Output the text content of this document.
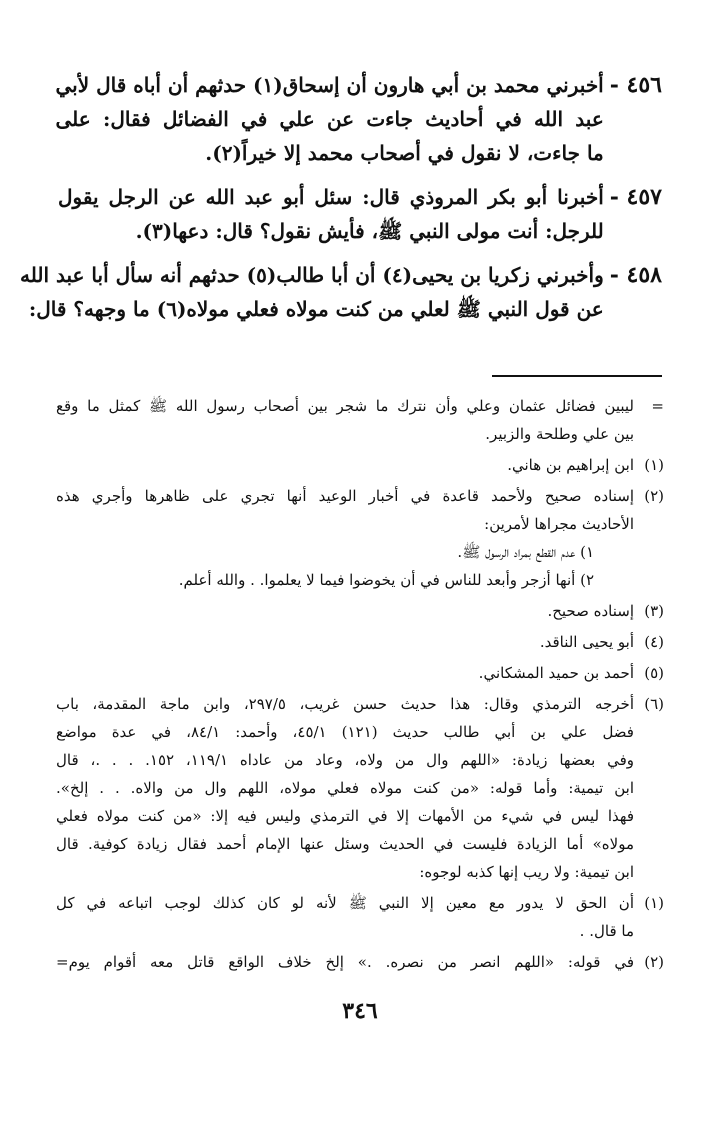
٤٥٦ -
أخبرني محمد بن أبي هارون أن إسحاق(١) حدثهم أن أباه قال لأبي
عبد الله في أحاديث جاءت عن علي في الفضائل فقال: على
ما جاءت، لا نقول في أصحاب محمد إلا خيراً(٢).
٤٥٧ -
أخبرنا أبو بكر المروذي قال: سئل أبو عبد الله عن الرجل يقول
للرجل: أنت مولى النبي ﷺ، فأيش نقول؟ قال: دعها(٣).
٤٥٨ -
وأخبرني زكريا بن يحيى(٤) أن أبا طالب(٥) حدثهم أنه سأل أبا عبد الله
عن قول النبي ﷺ لعلي من كنت مولاه فعلي مولاه(٦) ما وجهه؟ قال:
=
ليبين فضائل عثمان وعلي وأن نترك ما شجر بين أصحاب رسول الله ﷺ كمثل ما وقع
بين علي وطلحة والزبير.
(١)
ابن إبراهيم بن هاني.
(٢)
إسناده صحيح ولأحمد قاعدة في أخبار الوعيد أنها تجري على ظاهرها وأجري هذه
الأحاديث مجراها لأمرين:
١) عدم القطع بمراد الرسول ﷺ.
٢) أنها أزجر وأبعد للناس في أن يخوضوا فيما لا يعلموا. . والله أعلم.
(٣)
إسناده صحيح.
(٤)
أبو يحيى الناقد.
(٥)
أحمد بن حميد المشكاني.
(٦)
أخرجه الترمذي وقال: هذا حديث حسن غريب، ٢٩٧/٥، وابن ماجة المقدمة، باب
فضل علي بن أبي طالب حديث (١٢١) ٤٥/١، وأحمد: ٨٤/١، في عدة مواضع
وفي بعضها زيادة: «اللهم وال من ولاه، وعاد من عاداه ١١٩/١، ١٥٢. . . .، قال
ابن تيمية: وأما قوله: «من كنت مولاه فعلي مولاه، اللهم وال من والاه. . . إلخ».
فهذا ليس في شيء من الأمهات إلا في الترمذي وليس فيه إلا: «من كنت مولاه فعلي
مولاه» أما الزيادة فليست في الحديث وسئل عنها الإمام أحمد فقال زيادة كوفية. قال
ابن تيمية: ولا ريب إنها كذبه لوجوه:
(١)
أن الحق لا يدور مع معين إلا النبي ﷺ لأنه لو كان كذلك لوجب اتباعه في كل
ما قال. .
(٢)
في قوله: «اللهم انصر من نصره. .» إلخ خلاف الواقع قاتل معه أقوام يوم=
٣٤٦
